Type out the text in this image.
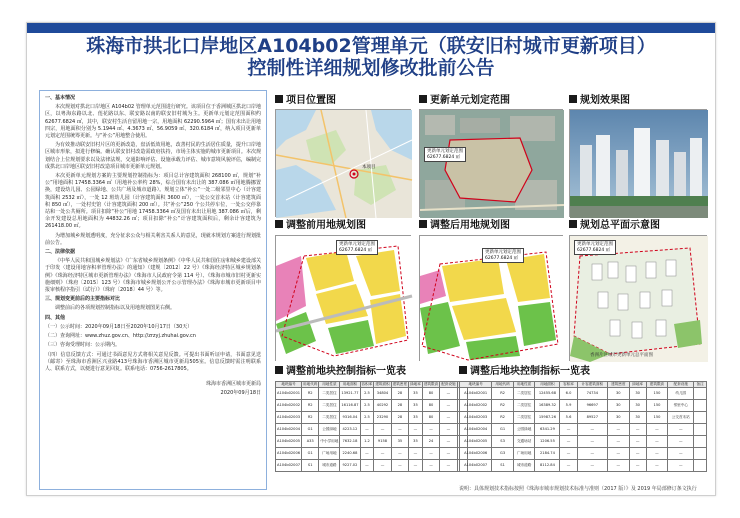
珠海市拱北口岸地区A104b02管理单元（联安旧村城市更新项目）
控制性详细规划修改批前公告

一、基本情况

本次规划对拱北口岸地区 A104b02 管理单元范围进行研究。该项目位于香洲城区拱北口岸地区，以粤海东路以北、莲花路以东、联安路以南的联安旧村城为主。更新单元划定范围面积约 62677.6824 ㎡，其中，联安村生活自留用地一宗，用地面积 62290.5964 ㎡；国有未出让用地四宗，用地面积分别为 5.1944 ㎡、4.3673 ㎡、56.9059 ㎡、320.6184 ㎡，纳入项目更新单元划定范围统筹更新。与“补公”用地整合使用。

为有效推动联安旧村片区的更新改造，盘活低效用地，改善村民的生活居住质量，提升口岸地区城市形象，拟进行修编。确认联安旧村改造需政府扶持，市场主体实施的城市更新项目。本次规划结合上位规划要求以及法律法规，交通影响评估、设施承载力评估、城市意境风貌评估，编制完成拱北口岸地区联安旧村改造项目城市更新单元规划。

本次更新单元规划方案的主要规划控制指标为：项目总计容建筑面积 268100 ㎡，规划“补公”用地面积 17458.3364 ㎡（用地补公率约 28%，综合国有未出让的 387.086 ㎡用地腾挪置换，建设幼儿园、公园绿地、公共广场及城市道路）。规划立体“补公”一处二级邻里中心（计容建筑面积 2532 ㎡），一处 12 班幼儿园（计容建筑面积 3600 ㎡），一处公交首末站（计容建筑面积 850 ㎡），一处村史馆（计容建筑面积 200 ㎡）。共“补公”250 个公共停车位，一处公交停靠站和一处公共厕所。项目扣除“补公”用地 17458.3364 ㎡及国有未出让用地 387.086 ㎡后，剩余开发建设总用地面积为 44832.26 ㎡；项目扣除“补公”计容建筑面积后，剩余计容建筑为 261418.00 ㎡。

为增加城乡规划透明度，充分征求公众与相关利害关系人的意见，现就本规划方案进行规划批前公告。

二、法律依据

《中华人民共和国城乡规划法》《广东省城乡规划条例》《中华人民共和国住房和城乡建设部关于印发〈建设用地容积率管理办法〉的通知》（建规〔2012〕22 号）《珠海经济特区城乡规划条例》《珠海经济特区城市更新管理办法》（珠海市人民政府令第 114 号）、《珠海市城市旧村更新实施细则》（珠府〔2015〕123 号）《珠海市城乡规划公开公示管理办法》《珠海市城市更新项目申报审核程序指引（试行）》（珠府〔2018〕44 号）等。

三、规划变更前后的主要指标对比

调整前后的各项规划控制指标以及用地规划图见右侧。

四、其他

（一）公示时间：2020年09月18日至2020年10月17日（30天）

（二）查询网址：www.zhuz.gov.cn、http://zrzyj.zhuhai.gov.cn

（三）咨询受理时间：公示期内。

（四）信息反馈方式：可通过书面意见方式将相关意见反馈。可提出书面听证申请，书面意见送（邮寄）至珠海市香洲区兴业路413号珠海市香洲区城市更新局505室。信息反馈时需注明联系人、联系方式，以便进行意见回复。联系电话：0756-2617805。

珠海市香洲区城市更新局

2020年09月18日

项目位置图	更新单元划定范围	规划效果图
本项目
更新单元划定范围
62677.6824 ㎡
调整前用地规划图	调整后用地规划图	规划总平面示意图
更新单元划定范围
62677.6824 ㎡	更新单元划定范围
62677.6824 ㎡
更新单元划定范围
62677.6824 ㎡
香洲片区城市更新单元总平面图
调整前地块控制指标一览表	调整后地块控制指标一览表
地块编号	用地代码	用地性质	用地面积	容积率	建筑面积	建筑密度	绿地率	建筑限高	配套设施	
A104b02001	R2	二类居住	13921.77	2.5	34804	28	35	80	—	
A104b02002	R2	二类居住	16116.87	2.5	40292	28	35	80	—	
A104b02003	R2	二类居住	9316.04	2.5	23290	28	35	80	—	
A104b02004	G1	公园绿地	4223.12	—	—	—	—	—	—	
A104b02005	A33	中小学用地	7632.18	1.2	9158	35	35	24	—	
A104b02006	G1	广场用地	2240.68	—	—	—	—	—	—	
A104b02007	S1	城市道路	9227.02	—	—	—	—	—	—	
地块编号	用地代码	用地性质	用地面积	容积率	计容建筑面积	建筑密度	绿地率	建筑限高	配套设施	备注
A104b02001	R2	二类居住	12455.68	6.0	74734	30	30	150	幼儿园	
A104b02002	R2	二类居住	16389.32	5.9	96697	30	30	150	邻里中心	
A104b02003	R2	二类居住	15987.26	5.6	89527	30	30	150	公交首末站	
A104b02004	G1	公园绿地	6341.29	—	—	—	—	—	—	
A104b02005	S3	交通场站	1206.55	—	—	—	—	—	—	
A104b02006	G3	广场用地	2184.74	—	—	—	—	—	—	
A104b02007	S1	城市道路	8112.84	—	—	—	—	—	—	
说明：具体规划技术指标按照《珠海市城市规划技术标准与准则（2017 版）》及 2019 年局部修订条文执行
